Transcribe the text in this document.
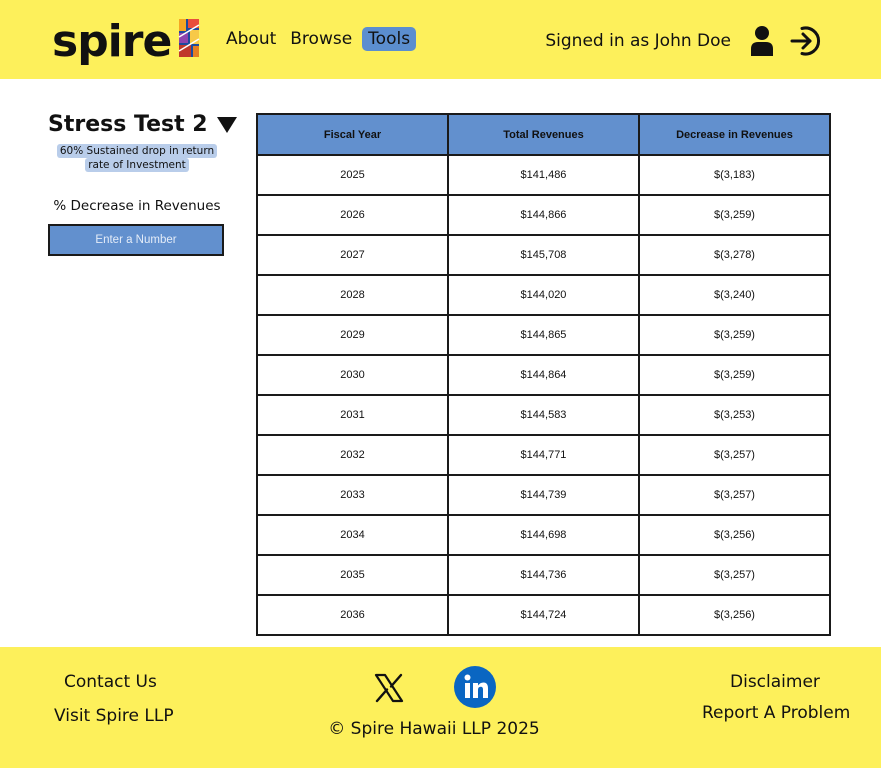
spire	About Browse Tools	Signed in as John Doe
Stress Test 2
60% Sustained drop in return rate of Investment
% Decrease in Revenues
Enter a Number
Fiscal Year	Total Revenues	Decrease in Revenues
2025	$141,486	$(3,183)
2026	$144,866	$(3,259)
2027	$145,708	$(3,278)
2028	$144,020	$(3,240)
2029	$144,865	$(3,259)
2030	$144,864	$(3,259)
2031	$144,583	$(3,253)
2032	$144,771	$(3,257)
2033	$144,739	$(3,257)
2034	$144,698	$(3,256)
2035	$144,736	$(3,257)
2036	$144,724	$(3,256)
Contact Us
Visit Spire LLP
Disclaimer
Report A Problem
© Spire Hawaii LLP 2025
